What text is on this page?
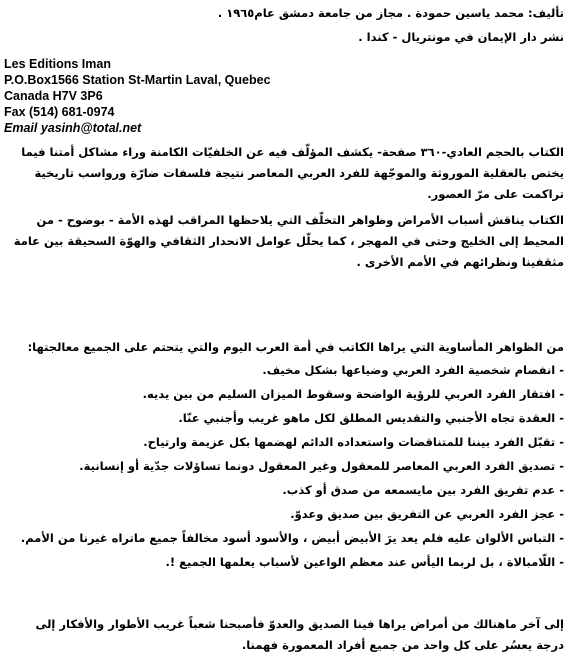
تأليف: محمد ياسين حمودة . مجاز من جامعة دمشق عام١٩٦٥ .
نشر دار الإيمان في مونتريال - كندا .
Les Editions Iman
P.O.Box1566 Station St-Martin Laval, Quebec
Canada H7V 3P6
Fax (514) 681-0974
Email yasinh@total.net
الكتاب بالحجم العادي-٣٦٠ صفحة- يكشف المؤلّف فيه عن الخلفيّات الكامنة وراء مشاكل أمتنا فيما
يختص بالعقلية الموروثة والموجّهة للفرد العربي المعاصر نتيجة فلسفات ضارّة ورواسب تاريخية
تراكمت على مرّ العصور.
الكتاب يناقش أسباب الأمراض وظواهر التخلّف التي يلاحظها المراقب لهذه الأمة - بوضوح - من
المحيط إلى الخليج وحتى في المهجر ، كما يحلّل عوامل الانحدار الثقافي والهوّة السحيقة بين عامة
مثقفينا ونظرائهم في الأمم الأخرى .
من الظواهر المأساوية التي يراها الكاتب في أمة العرب اليوم والتي يتحتم على الجميع معالجتها:
- انفصام شخصية الفرد العربي وضياعها بشكل مخيف.
- افتقار الفرد العربي للرؤية الواضحة وسقوط الميزان السليم من بين يديه.
- العقدة تجاه الأجنبي والتقديس المطلق لكل ماهو غريب وأجنبي عنّا.
- تقبّل الفرد بيننا للمتناقضات واستعداده الدائم لهضمها بكل عزيمة وارتياح.
- تصديق الفرد العربي المعاصر للمعقول وغير المعقول دونما تساؤلات جدّية أو إنسانية.
- عدم تفريق الفرد بين مايسمعه من صدق أو كذب.
- عجز الفرد العربي عن التفريق بين صديق وعدوّ.
- التباس الألوان عليه فلم يعد يرَ الأبيض أبيض ، والأسود أسود مخالفاً جميع ماتراه غيرنا من الأمم.
- اللّامبالاة ، بل لربما اليأس عند معظم الواعين لأسباب يعلمها الجميع !.
إلى آخر ماهنالك من أمراض يراها فينا الصديق والعدوّ فأصبحنا شعباً غريب الأطوار والأفكار إلى
درجة يعسُر على كل واحد من جميع أفراد المعمورة فهمنا.
